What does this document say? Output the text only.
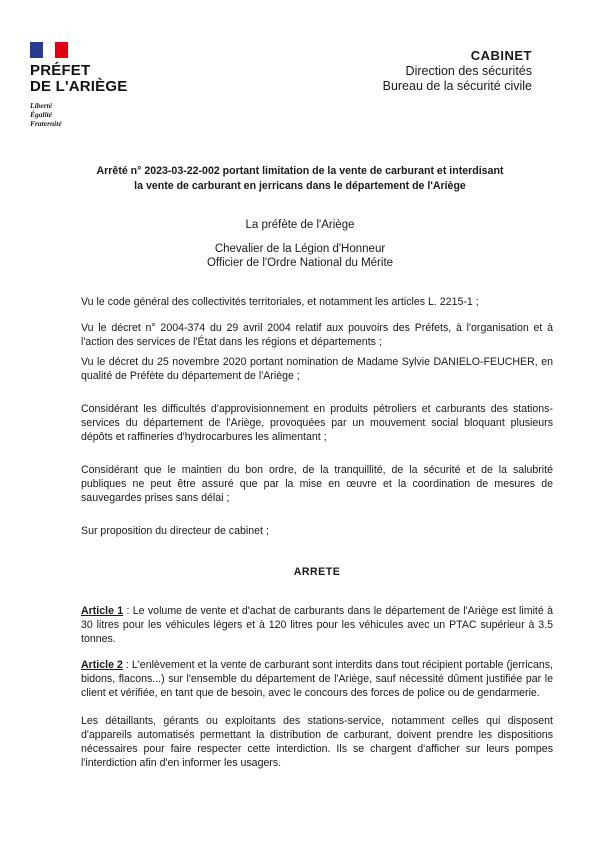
PRÉFET
DE L'ARIÈGE
Liberté
Égalité
Fraternité
CABINET
Direction des sécurités
Bureau de la sécurité civile
Arrêté n° 2023-03-22-002 portant limitation de la vente de carburant et interdisant
la vente de carburant en jerricans dans le département de l'Ariège
La préfète de l'Ariège
Chevalier de la Légion d'Honneur
Officier de l'Ordre National du Mérite

Vu le code général des collectivités territoriales, et notamment les articles L. 2215-1 ;

Vu le décret n° 2004-374 du 29 avril 2004 relatif aux pouvoirs des Préfets, à l'organisation et à l'action des services de l'État dans les régions et départements ;

Vu le décret du 25 novembre 2020 portant nomination de Madame Sylvie DANIELO-FEUCHER, en qualité de Préfète du département de l'Ariège ;

Considérant les difficultés d'approvisionnement en produits pétroliers et carburants des stations-services du département de l'Ariège, provoquées par un mouvement social bloquant plusieurs dépôts et raffineries d'hydrocarbures les alimentant ;

Considérant que le maintien du bon ordre, de la tranquillité, de la sécurité et de la salubrité publiques ne peut être assuré que par la mise en œuvre et la coordination de mesures de sauvegardes prises sans délai ;

Sur proposition du directeur de cabinet ;

ARRETE

Article 1 : Le volume de vente et d'achat de carburants dans le département de l'Ariège est limité à 30 litres pour les véhicules légers et à 120 litres pour les véhicules avec un PTAC supérieur à 3.5 tonnes.

Article 2 : L'enlèvement et la vente de carburant sont interdits dans tout récipient portable (jerricans, bidons, flacons...) sur l'ensemble du département de l'Ariège, sauf nécessité dûment justifiée par le client et vérifiée, en tant que de besoin, avec le concours des forces de police ou de gendarmerie.

Les détaillants, gérants ou exploitants des stations-service, notamment celles qui disposent d'appareils automatisés permettant la distribution de carburant, doivent prendre les dispositions nécessaires pour faire respecter cette interdiction. Ils se chargent d'afficher sur leurs pompes l'interdiction afin d'en informer les usagers.
